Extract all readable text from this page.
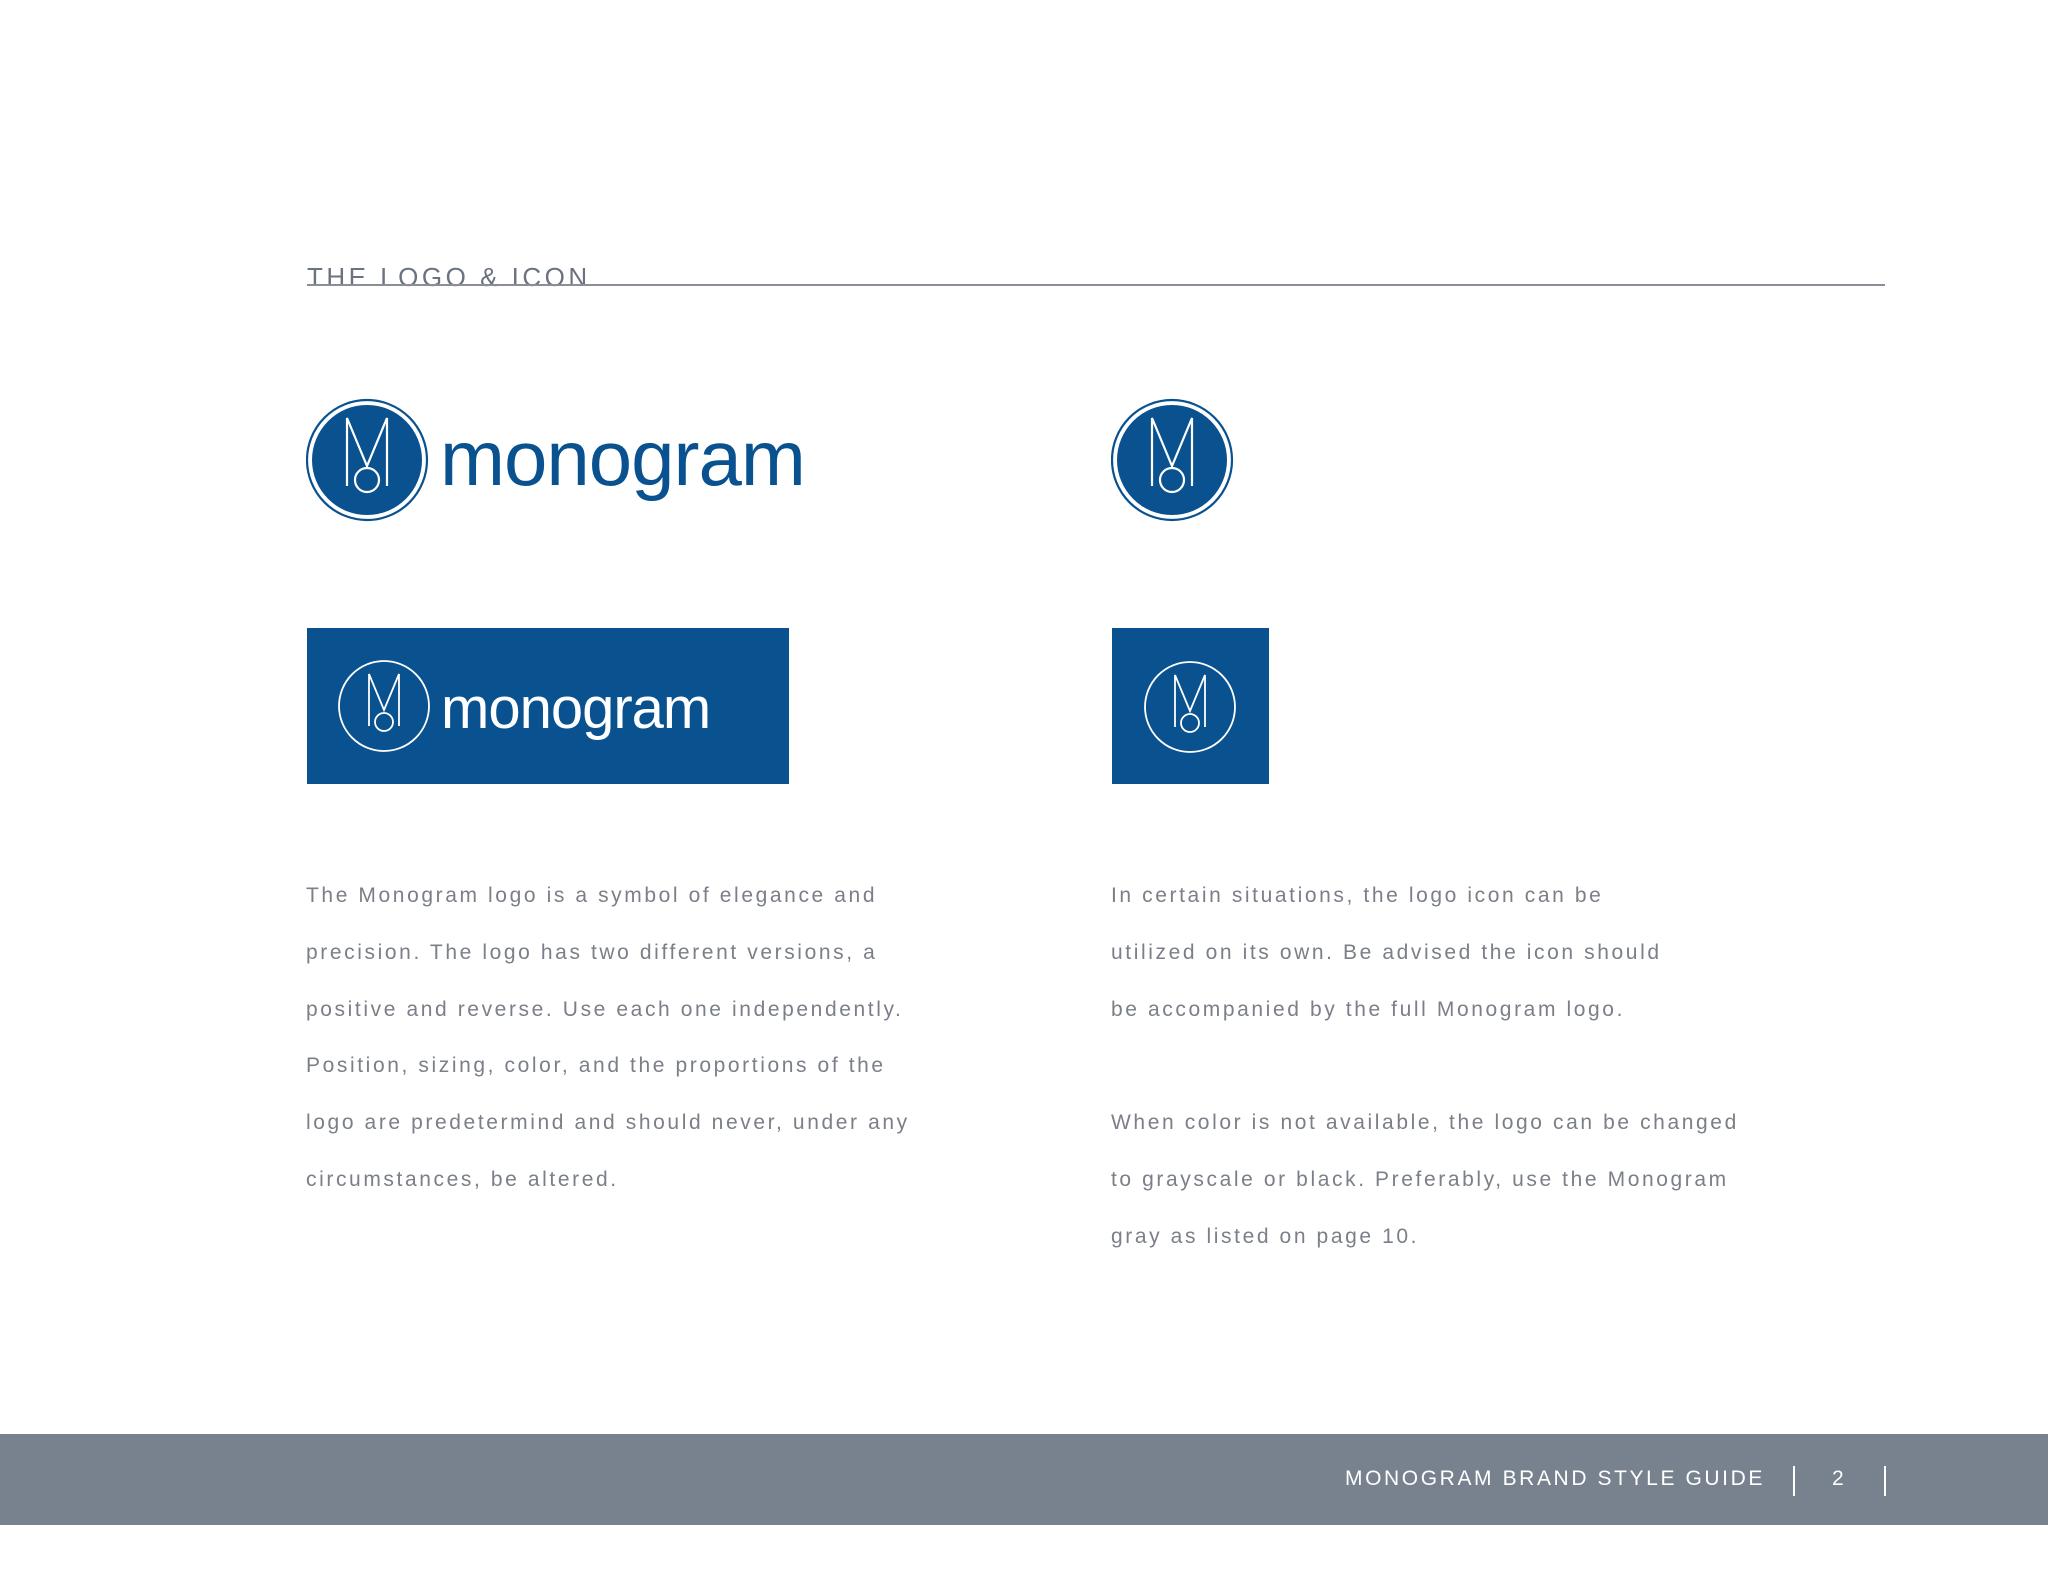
THE LOGO & ICON
monogram
monogram

The Monogram logo is a symbol of elegance and

precision. The logo has two different versions, a

positive and reverse. Use each one independently.

Position, sizing, color, and the proportions of the

logo are predetermind and should never, under any

circumstances, be altered.

In certain situations, the logo icon can be

utilized on its own. Be advised the icon should

be accompanied by the full Monogram logo.

When color is not available, the logo can be changed

to grayscale or black. Preferably, use the Monogram

gray as listed on page 10.

MONOGRAM BRAND STYLE GUIDE	2
